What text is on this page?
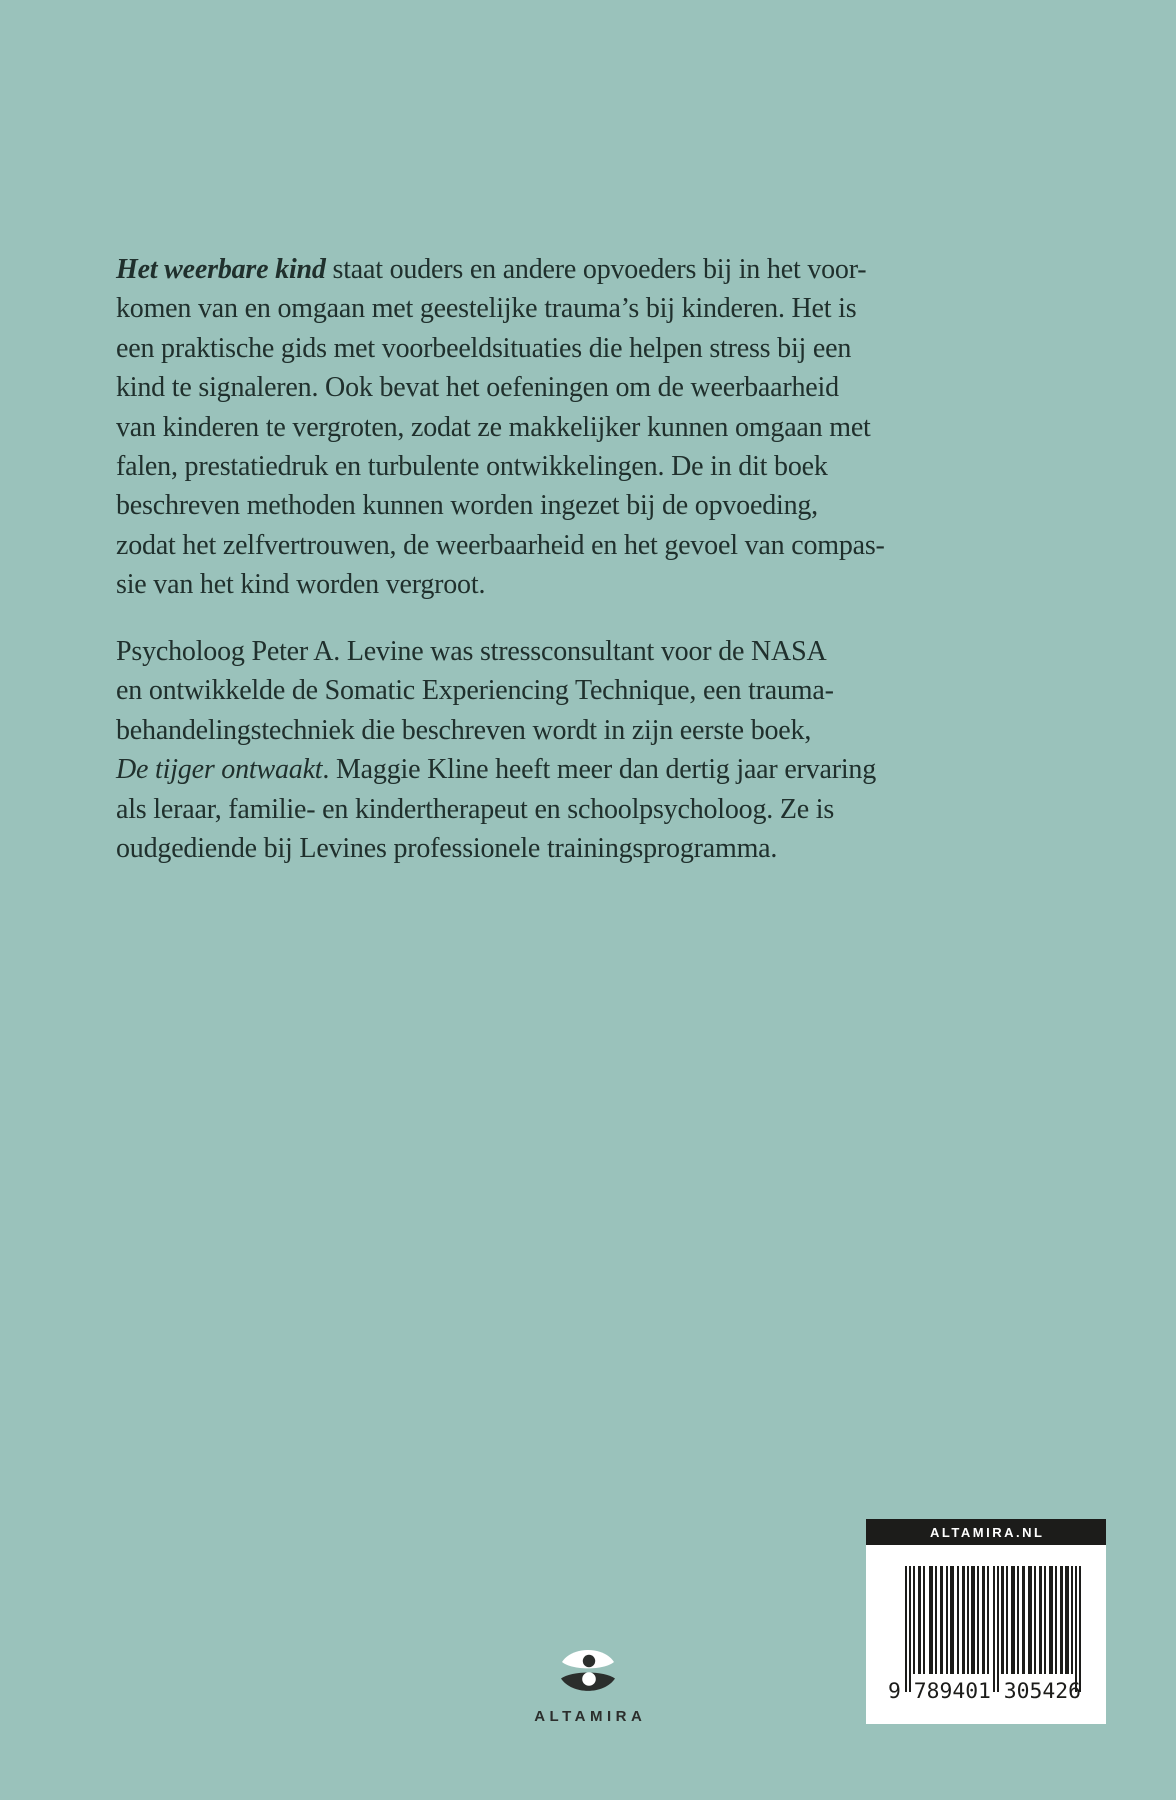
Het weerbare kind staat ouders en andere opvoeders bij in het voor-
komen van en omgaan met geestelijke trauma’s bij kinderen. Het is
een praktische gids met voorbeeldsituaties die helpen stress bij een
kind te signaleren. Ook bevat het oefeningen om de weerbaarheid
van kinderen te vergroten, zodat ze makkelijker kunnen omgaan met
falen, prestatiedruk en turbulente ontwikkelingen. De in dit boek
beschreven methoden kunnen worden ingezet bij de opvoeding,
zodat het zelfvertrouwen, de weerbaarheid en het gevoel van compas-
sie van het kind worden vergroot.
Psycholoog Peter A. Levine was stressconsultant voor de NASA
en ontwikkelde de Somatic Experiencing Technique, een trauma-
behandelingstechniek die beschreven wordt in zijn eerste boek,
De tijger ontwaakt. Maggie Kline heeft meer dan dertig jaar ervaring
als leraar, familie- en kindertherapeut en schoolpsycholoog. Ze is
oudgediende bij Levines professionele trainingsprogramma.
ALTAMIRA
ALTAMIRA.NL
9 789401 305426
